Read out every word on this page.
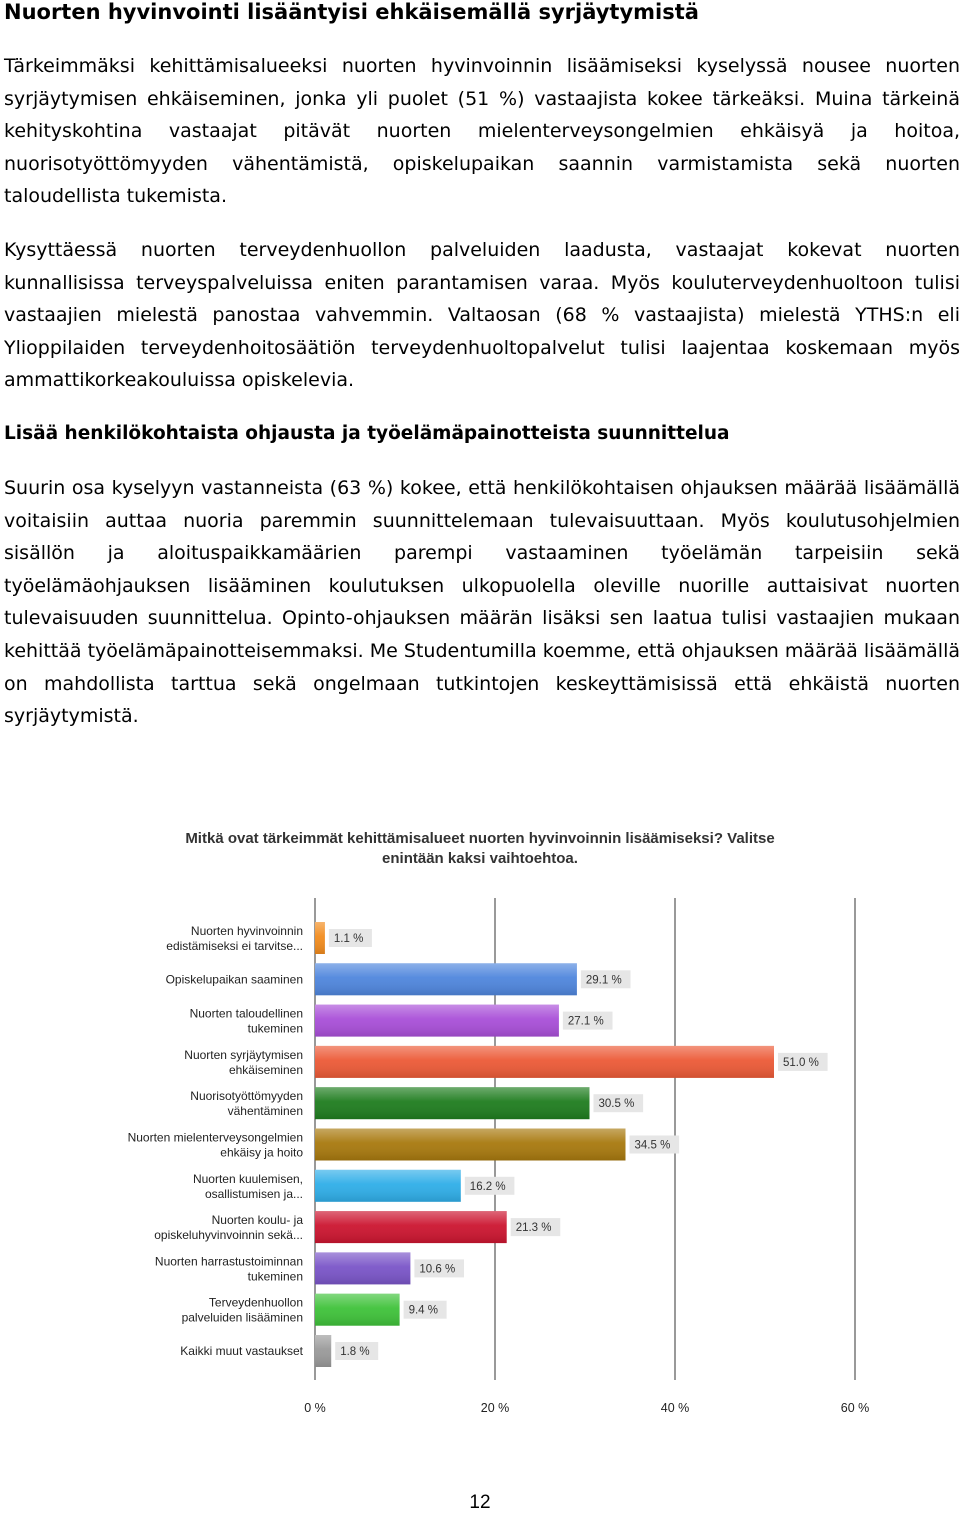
Nuorten hyvinvointi lisääntyisi ehkäisemällä syrjäytymistä

Tärkeimmäksi kehittämisalueeksi nuorten hyvinvoinnin lisäämiseksi kyselyssä nousee nuorten syrjäytymisen ehkäiseminen, jonka yli puolet (51 %) vastaajista kokee tärkeäksi. Muina tärkeinä kehityskohtina vastaajat pitävät nuorten mielenterveysongelmien ehkäisyä ja hoitoa, nuorisotyöttömyyden vähentämistä, opiskelupaikan saannin varmistamista sekä nuorten taloudellista tukemista.

Kysyttäessä nuorten terveydenhuollon palveluiden laadusta, vastaajat kokevat nuorten kunnallisissa terveyspalveluissa eniten parantamisen varaa. Myös kouluterveydenhuoltoon tulisi vastaajien mielestä panostaa vahvemmin. Valtaosan (68 % vastaajista) mielestä YTHS:n eli Ylioppilaiden terveydenhoitosäätiön terveydenhuoltopalvelut tulisi laajentaa koskemaan myös ammattikorkeakouluissa opiskelevia.

Lisää henkilökohtaista ohjausta ja työelämäpainotteista suunnittelua

Suurin osa kyselyyn vastanneista (63 %) kokee, että henkilökohtaisen ohjauksen määrää lisäämällä voitaisiin auttaa nuoria paremmin suunnittelemaan tulevaisuuttaan. Myös koulutusohjelmien sisällön ja aloituspaikkamäärien parempi vastaaminen työelämän tarpeisiin sekä työelämäohjauksen lisääminen koulutuksen ulkopuolella oleville nuorille auttaisivat nuorten tulevaisuuden suunnittelua. Opinto-ohjauksen määrän lisäksi sen laatua tulisi vastaajien mukaan kehittää työelämäpainotteisemmaksi. Me Studentumilla koemme, että ohjauksen määrää lisäämällä on mahdollista tarttua sekä ongelmaan tutkintojen keskeyttämisissä että ehkäistä nuorten syrjäytymistä.

Mitkä ovat tärkeimmät kehittämisalueet nuorten hyvinvoinnin lisäämiseksi? Valitse
enintään kaksi vaihtoehtoa.
1.1 %
Nuorten hyvinvoinnin
edistämiseksi ei tarvitse...
29.1 %
Opiskelupaikan saaminen
27.1 %
Nuorten taloudellinen
tukeminen
51.0 %
Nuorten syrjäytymisen
ehkäiseminen
30.5 %
Nuorisotyöttömyyden
vähentäminen
34.5 %
Nuorten mielenterveysongelmien
ehkäisy ja hoito
16.2 %
Nuorten kuulemisen,
osallistumisen ja...
21.3 %
Nuorten koulu- ja
opiskeluhyvinvoinnin sekä...
10.6 %
Nuorten harrastustoiminnan
tukeminen
9.4 %
Terveydenhuollon
palveluiden lisääminen
1.8 %
Kaikki muut vastaukset
0 %	20 %	40 %	60 %
12
